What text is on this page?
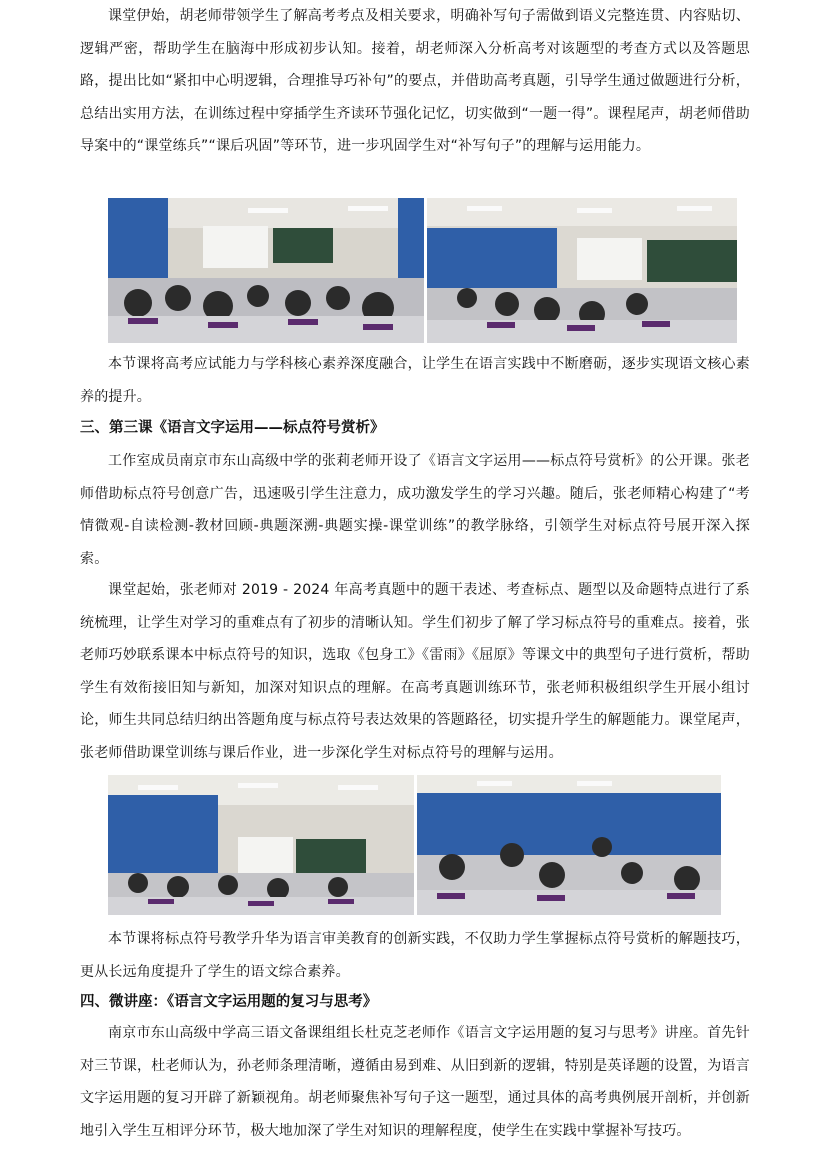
课堂伊始，胡老师带领学生了解高考考点及相关要求，明确补写句子需做到语义完整连贯、内容贴切、逻辑严密，帮助学生在脑海中形成初步认知。接着，胡老师深入分析高考对该题型的考查方式以及答题思路，提出比如“紧扣中心明逻辑，合理推导巧补句”的要点，并借助高考真题，引导学生通过做题进行分析，总结出实用方法，在训练过程中穿插学生齐读环节强化记忆，切实做到“一题一得”。课程尾声，胡老师借助导案中的“课堂练兵”“课后巩固”等环节，进一步巩固学生对“补写句子”的理解与运用能力。

本节课将高考应试能力与学科核心素养深度融合，让学生在语言实践中不断磨砺，逐步实现语文核心素养的提升。

三、第三课《语言文字运用——标点符号赏析》

工作室成员南京市东山高级中学的张莉老师开设了《语言文字运用——标点符号赏析》的公开课。张老师借助标点符号创意广告，迅速吸引学生注意力，成功激发学生的学习兴趣。随后，张老师精心构建了“考情微观-自读检测-教材回顾-典题深溯-典题实操-课堂训练”的教学脉络，引领学生对标点符号展开深入探索。

课堂起始，张老师对 2019 - 2024 年高考真题中的题干表述、考查标点、题型以及命题特点进行了系统梳理，让学生对学习的重难点有了初步的清晰认知。学生们初步了解了学习标点符号的重难点。接着，张老师巧妙联系课本中标点符号的知识，选取《包身工》《雷雨》《屈原》等课文中的典型句子进行赏析，帮助学生有效衔接旧知与新知，加深对知识点的理解。在高考真题训练环节，张老师积极组织学生开展小组讨论，师生共同总结归纳出答题角度与标点符号表达效果的答题路径，切实提升学生的解题能力。课堂尾声，张老师借助课堂训练与课后作业，进一步深化学生对标点符号的理解与运用。

本节课将标点符号教学升华为语言审美教育的创新实践，不仅助力学生掌握标点符号赏析的解题技巧，更从长远角度提升了学生的语文综合素养。

四、微讲座：《语言文字运用题的复习与思考》

南京市东山高级中学高三语文备课组组长杜克芝老师作《语言文字运用题的复习与思考》讲座。首先针对三节课，杜老师认为，孙老师条理清晰，遵循由易到难、从旧到新的逻辑，特别是英译题的设置，为语言文字运用题的复习开辟了新颖视角。胡老师聚焦补写句子这一题型，通过具体的高考典例展开剖析，并创新地引入学生互相评分环节，极大地加深了学生对知识的理解程度，使学生在实践中掌握补写技巧。
